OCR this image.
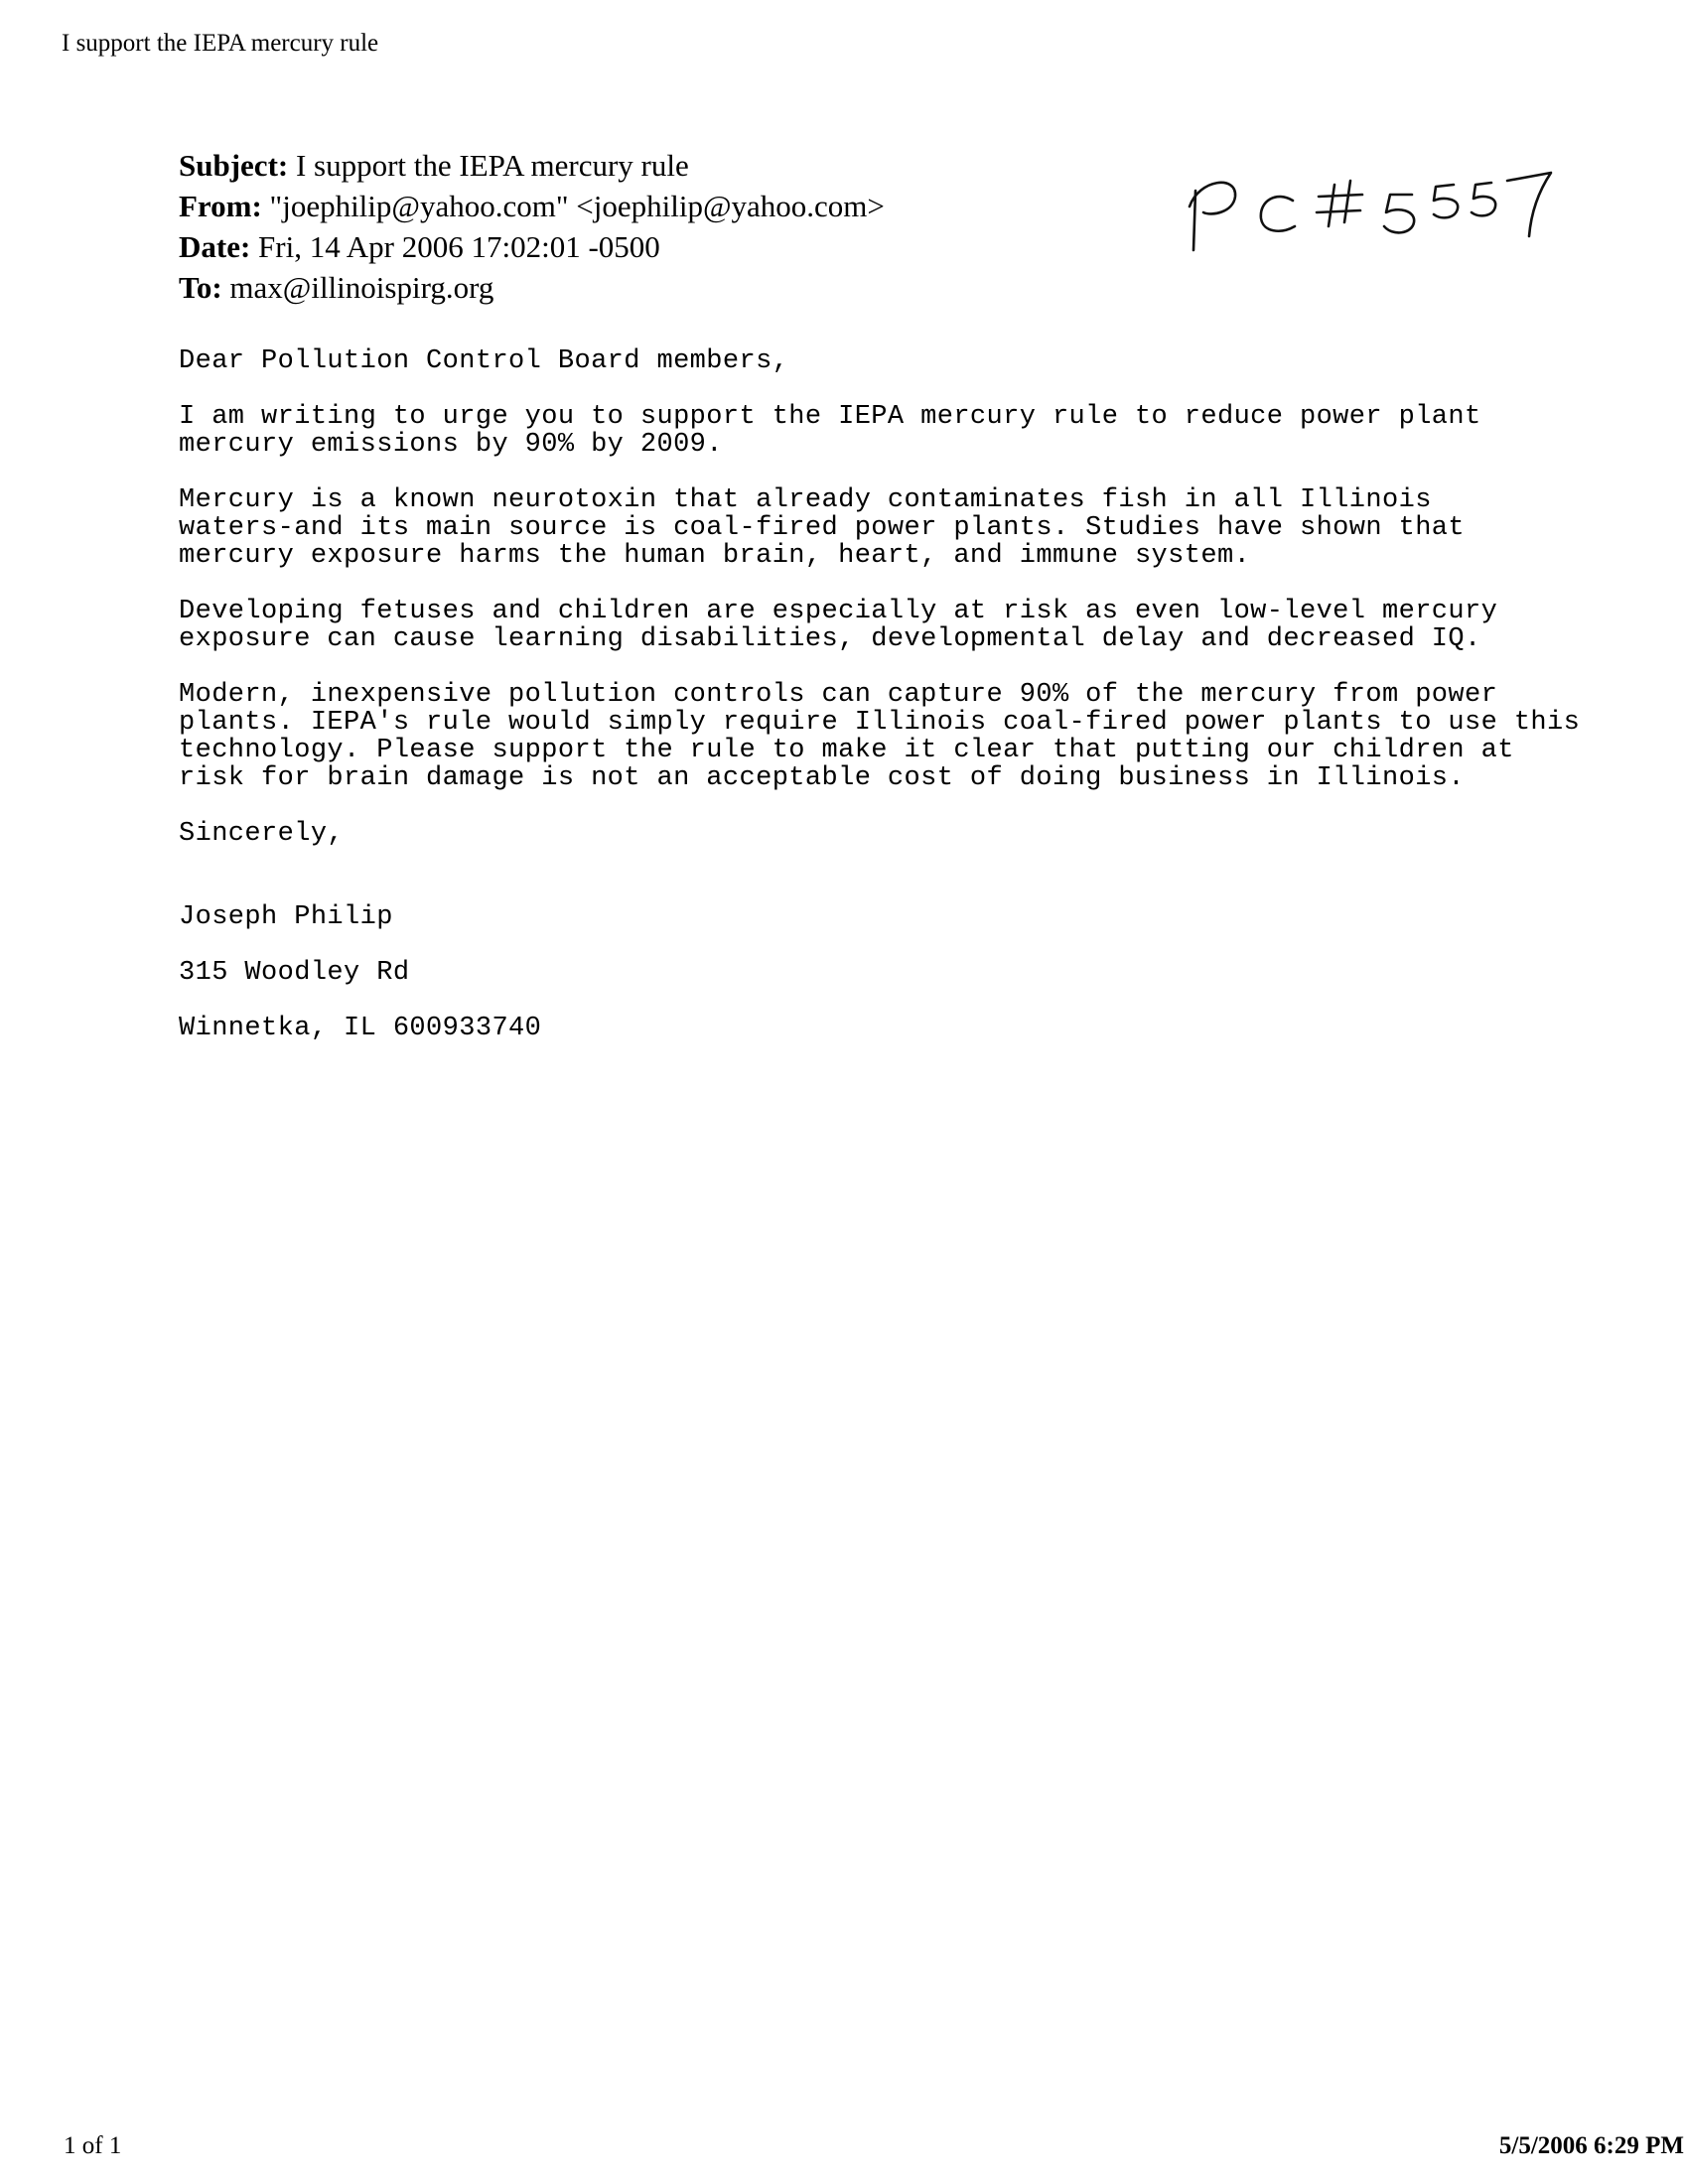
I support the IEPA mercury rule
Subject: I support the IEPA mercury rule
From: "joephilip@yahoo.com" <joephilip@yahoo.com>
Date: Fri, 14 Apr 2006 17:02:01 -0500
To: max@illinoispirg.org

Dear Pollution Control Board members,

I am writing to urge you to support the IEPA mercury rule to reduce power plant
mercury emissions by 90% by 2009.

Mercury is a known neurotoxin that already contaminates fish in all Illinois
waters-and its main source is coal-fired power plants. Studies have shown that
mercury exposure harms the human brain, heart, and immune system.

Developing fetuses and children are especially at risk as even low-level mercury
exposure can cause learning disabilities, developmental delay and decreased IQ.

Modern, inexpensive pollution controls can capture 90% of the mercury from power
plants. IEPA's rule would simply require Illinois coal-fired power plants to use this
technology. Please support the rule to make it clear that putting our children at
risk for brain damage is not an acceptable cost of doing business in Illinois.

Sincerely,

Joseph Philip

315 Woodley Rd

Winnetka, IL 600933740

1 of 1	5/5/2006 6:29 PM
